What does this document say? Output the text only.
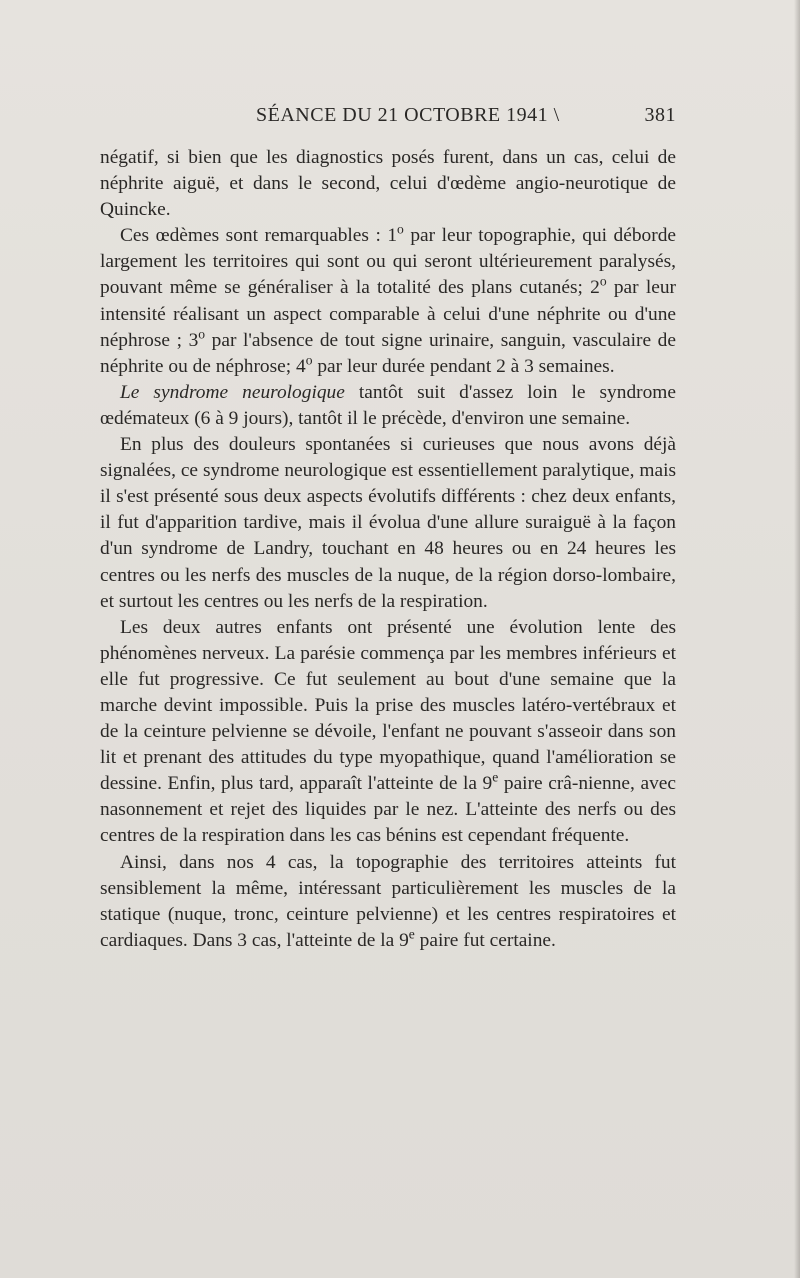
SÉANCE DU 21 OCTOBRE 1941 \	381

négatif, si bien que les diagnostics posés furent, dans un cas, celui de néphrite aiguë, et dans le second, celui d'œdème angio-neurotique de Quincke.

Ces œdèmes sont remarquables : 1$^o$ par leur topographie, qui déborde largement les territoires qui sont ou qui seront ultérieurement paralysés, pouvant même se généraliser à la totalité des plans cutanés; 2$^o$ par leur intensité réalisant un aspect comparable à celui d'une néphrite ou d'une néphrose ; 3$^o$ par l'absence de tout signe urinaire, sanguin, vasculaire de néphrite ou de néphrose; 4$^o$ par leur durée pendant 2 à 3 semaines.

Le syndrome neurologique tantôt suit d'assez loin le syndrome œdémateux (6 à 9 jours), tantôt il le précède, d'environ une semaine.

En plus des douleurs spontanées si curieuses que nous avons déjà signalées, ce syndrome neurologique est essentiellement paralytique, mais il s'est présenté sous deux aspects évolutifs différents : chez deux enfants, il fut d'apparition tardive, mais il évolua d'une allure suraiguë à la façon d'un syndrome de Landry, touchant en 48 heures ou en 24 heures les centres ou les nerfs des muscles de la nuque, de la région dorso-lombaire, et surtout les centres ou les nerfs de la respiration.

Les deux autres enfants ont présenté une évolution lente des phénomènes nerveux. La parésie commença par les membres inférieurs et elle fut progressive. Ce fut seulement au bout d'une semaine que la marche devint impossible. Puis la prise des muscles latéro-vertébraux et de la ceinture pelvienne se dévoile, l'enfant ne pouvant s'asseoir dans son lit et prenant des attitudes du type myopathique, quand l'amélioration se dessine. Enfin, plus tard, apparaît l'atteinte de la 9e paire crâ-nienne, avec nasonnement et rejet des liquides par le nez. L'atteinte des nerfs ou des centres de la respiration dans les cas bénins est cependant fréquente.

Ainsi, dans nos 4 cas, la topographie des territoires atteints fut sensiblement la même, intéressant particulièrement les muscles de la statique (nuque, tronc, ceinture pelvienne) et les centres respiratoires et cardiaques. Dans 3 cas, l'atteinte de la 9e paire fut certaine.
